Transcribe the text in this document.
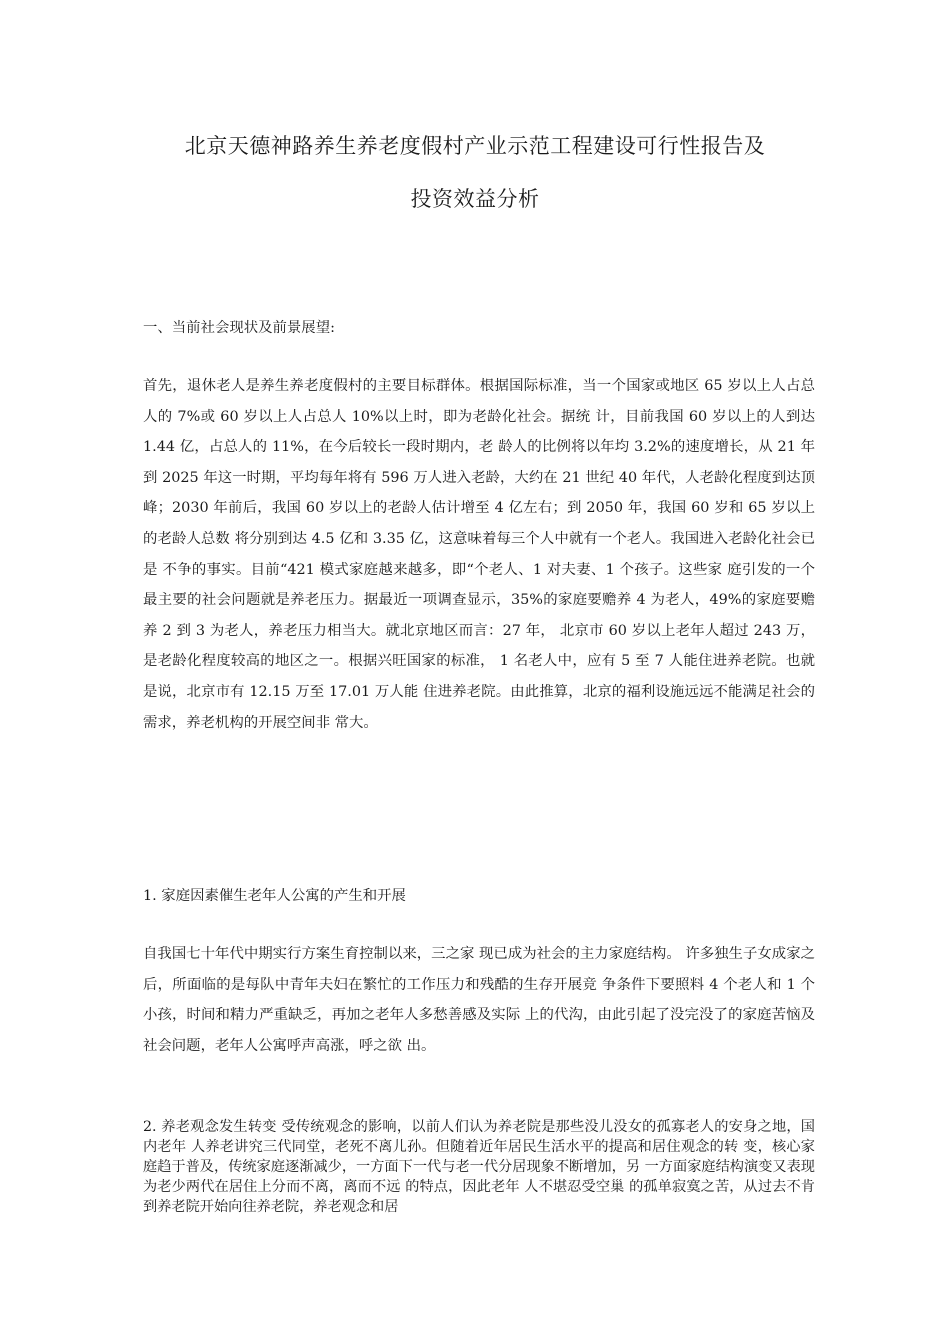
北京天德神路养生养老度假村产业示范工程建设可行性报告及
投资效益分析

一、当前社会现状及前景展望:

首先，退休老人是养生养老度假村的主要目标群体。根据国际标准，当一个国家或地区 65 岁以上人占总人的 7%或 60 岁以上人占总人 10%以上时，即为老龄化社会。据统 计，目前我国 60 岁以上的人到达 1.44 亿，占总人的 11%，在今后较长一段时期内，老 龄人的比例将以年均 3.2%的速度增长，从 21 年到 2025 年这一时期，平均每年将有 596 万人进入老龄，大约在 21 世纪 40 年代，人老龄化程度到达顶峰；2030 年前后，我国 60 岁以上的老龄人估计增至 4 亿左右；到 2050 年，我国 60 岁和 65 岁以上的老龄人总数 将分别到达 4.5 亿和 3.35 亿，这意味着每三个人中就有一个老人。我国进入老龄化社会已是 不争的事实。目前“421 模式家庭越来越多，即“个老人、1 对夫妻、1 个孩子。这些家 庭引发的一个最主要的社会问题就是养老压力。据最近一项调查显示，35%的家庭要赡养 4 为老人，49%的家庭要赡养 2 到 3 为老人，养老压力相当大。就北京地区而言：27 年， 北京市 60 岁以上老年人超过 243 万，是老龄化程度较高的地区之一。根据兴旺国家的标准， 1 名老人中，应有 5 至 7 人能住进养老院。也就是说，北京市有 12.15 万至 17.01 万人能 住进养老院。由此推算，北京的福利设施远远不能满足社会的需求，养老机构的开展空间非 常大。

1. 家庭因素催生老年人公寓的产生和开展

自我国七十年代中期实行方案生育控制以来，三之家 现已成为社会的主力家庭结构。 许多独生子女成家之后，所面临的是每队中青年夫妇在繁忙的工作压力和残酷的生存开展竞 争条件下要照料 4 个老人和 1 个小孩，时间和精力严重缺乏，再加之老年人多愁善感及实际 上的代沟，由此引起了没完没了的家庭苦恼及社会问题，老年人公寓呼声高涨，呼之欲 出。

2. 养老观念发生转变 受传统观念的影响，以前人们认为养老院是那些没儿没女的孤寡老人的安身之地，国内老年 人养老讲究三代同堂，老死不离儿孙。但随着近年居民生活水平的提高和居住观念的转 变，核心家庭趋于普及，传统家庭逐渐减少，一方面下一代与老一代分居现象不断增加，另 一方面家庭结构演变又表现为老少两代在居住上分而不离，离而不远 的特点，因此老年 人不堪忍受空巢 的孤单寂寞之苦，从过去不肯到养老院开始向往养老院，养老观念和居
